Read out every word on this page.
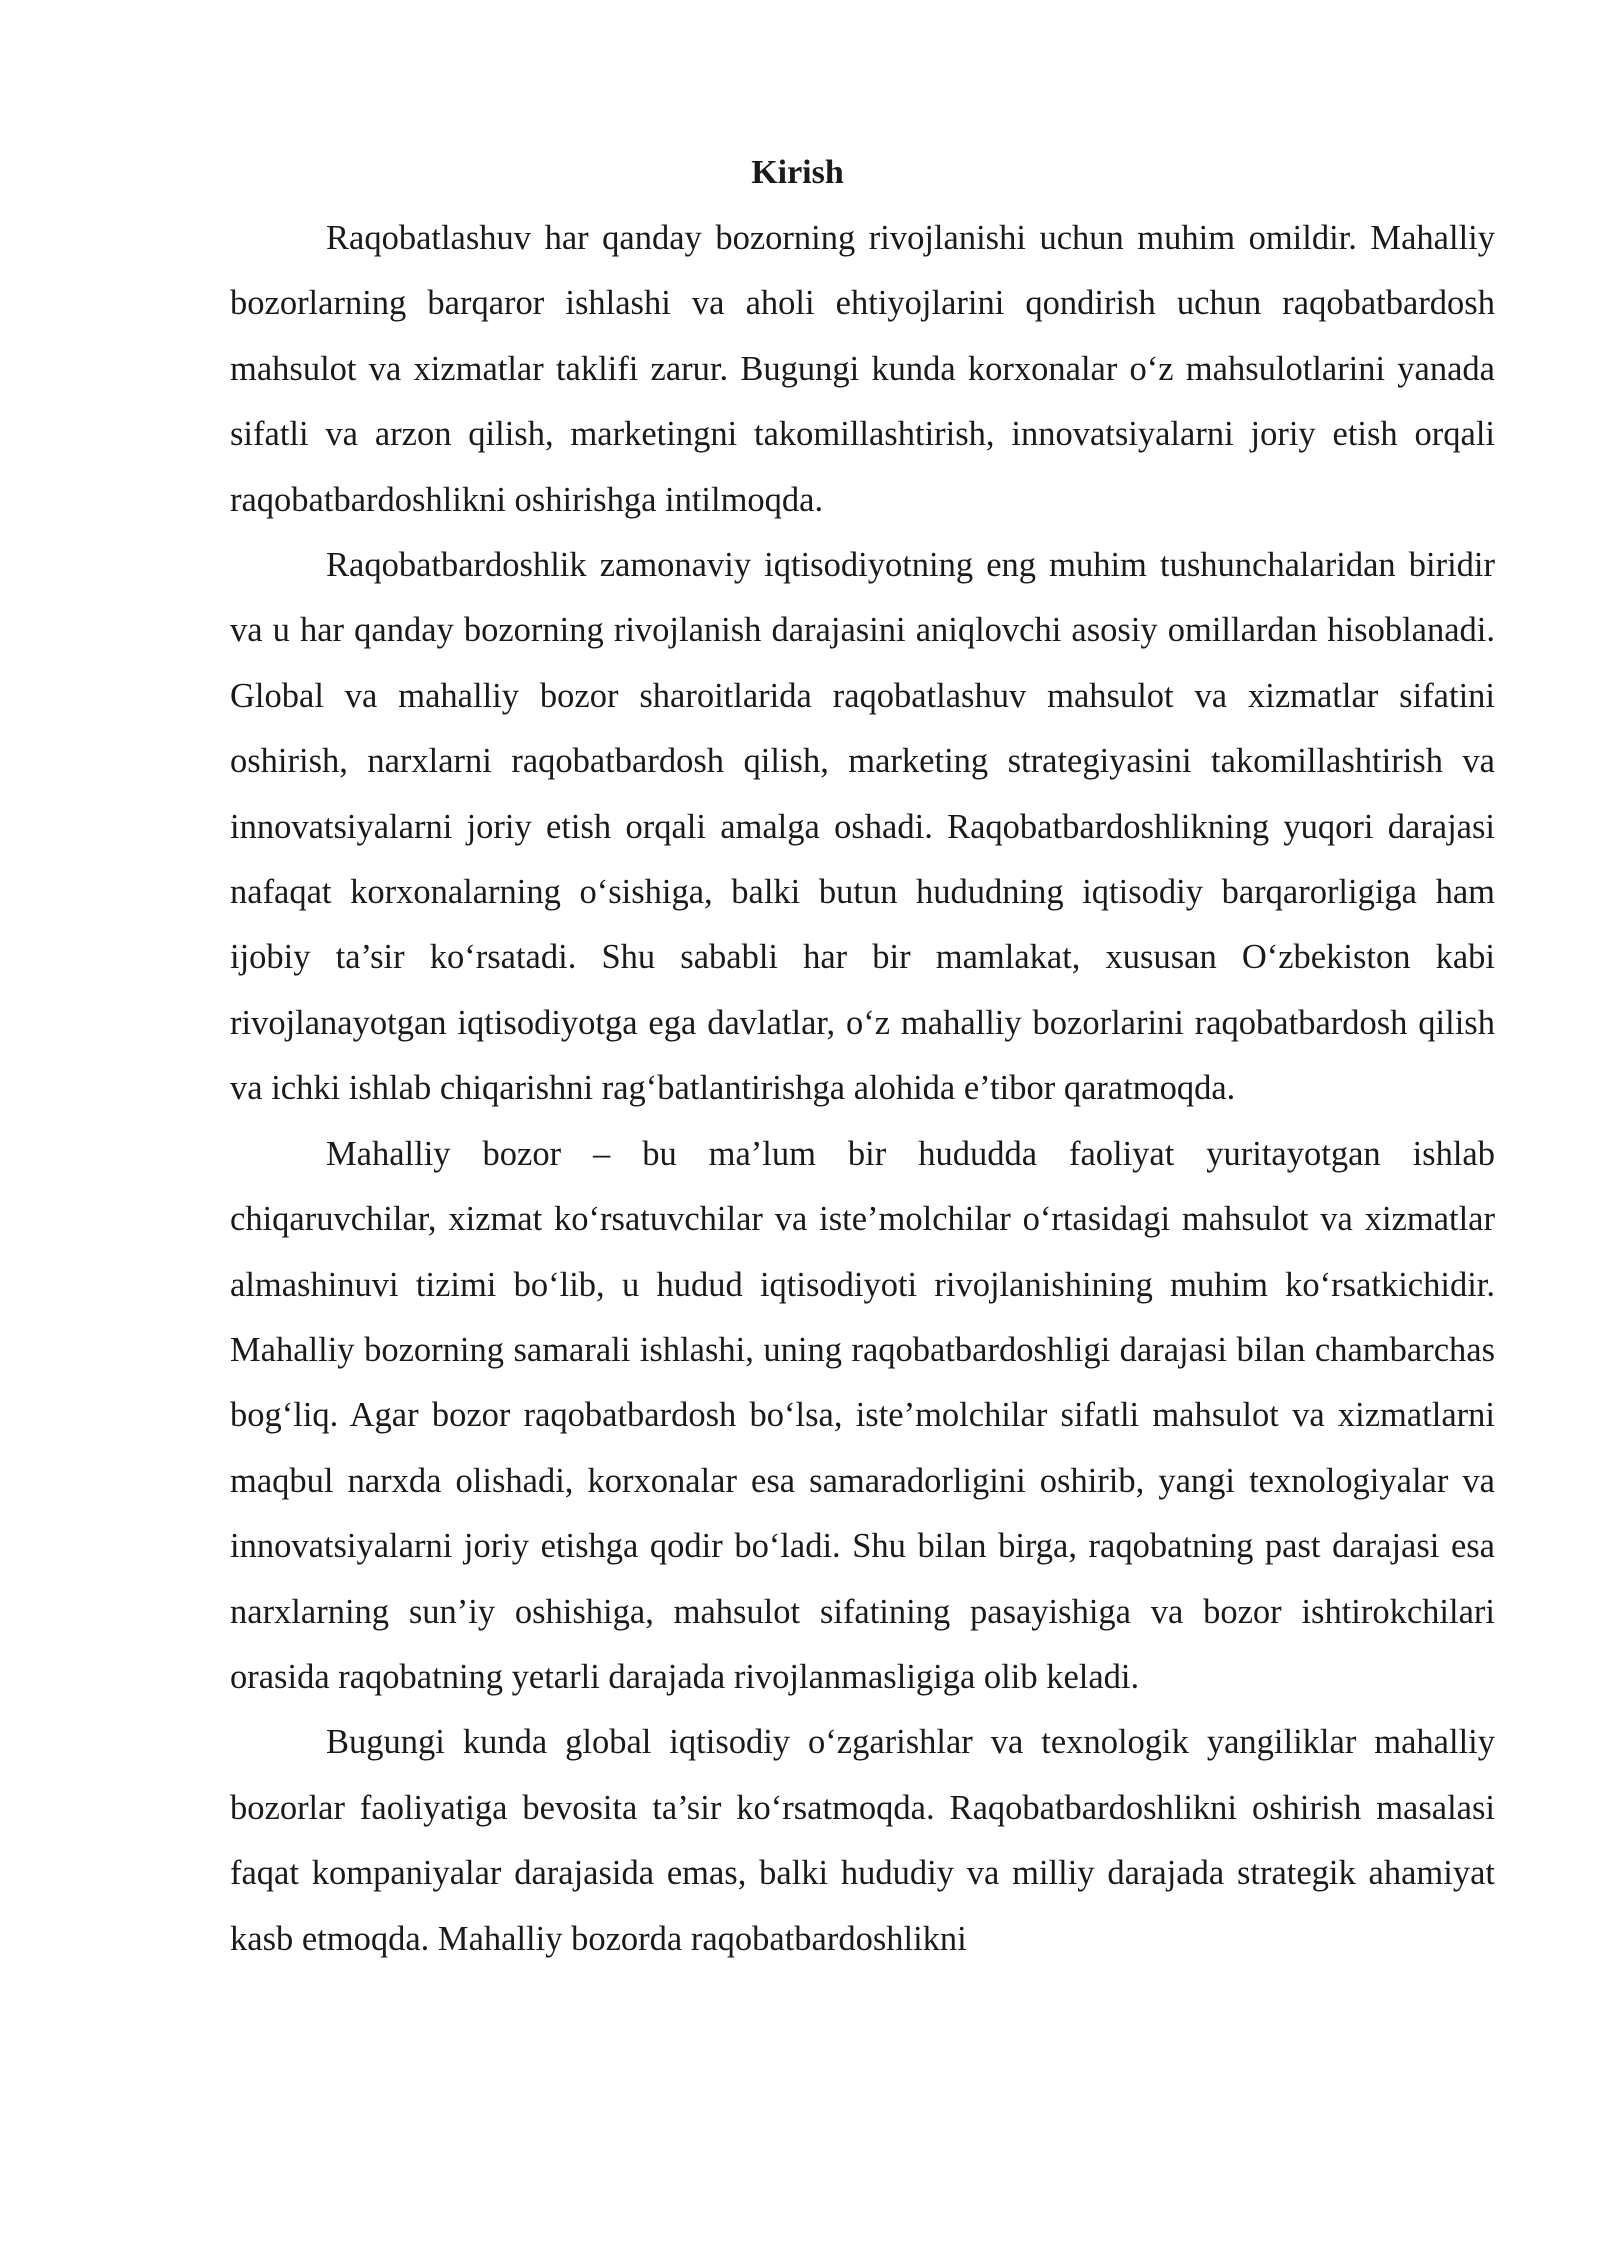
Kirish

Raqobatlashuv har qanday bozorning rivojlanishi uchun muhim omildir. Mahalliy bozorlarning barqaror ishlashi va aholi ehtiyojlarini qondirish uchun raqobatbardosh mahsulot va xizmatlar taklifi zarur. Bugungi kunda korxonalar o‘z mahsulotlarini yanada sifatli va arzon qilish, marketingni takomillashtirish, innovatsiyalarni joriy etish orqali raqobatbardoshlikni oshirishga intilmoqda.

Raqobatbardoshlik zamonaviy iqtisodiyotning eng muhim tushunchalaridan biridir va u har qanday bozorning rivojlanish darajasini aniqlovchi asosiy omillardan hisoblanadi. Global va mahalliy bozor sharoitlarida raqobatlashuv mahsulot va xizmatlar sifatini oshirish, narxlarni raqobatbardosh qilish, marketing strategiyasini takomillashtirish va innovatsiyalarni joriy etish orqali amalga oshadi. Raqobatbardoshlikning yuqori darajasi nafaqat korxonalarning o‘sishiga, balki butun hududning iqtisodiy barqarorligiga ham ijobiy ta’sir ko‘rsatadi. Shu sababli har bir mamlakat, xususan O‘zbekiston kabi rivojlanayotgan iqtisodiyotga ega davlatlar, o‘z mahalliy bozorlarini raqobatbardosh qilish va ichki ishlab chiqarishni rag‘batlantirishga alohida e’tibor qaratmoqda.

Mahalliy bozor – bu ma’lum bir hududda faoliyat yuritayotgan ishlab chiqaruvchilar, xizmat ko‘rsatuvchilar va iste’molchilar o‘rtasidagi mahsulot va xizmatlar almashinuvi tizimi bo‘lib, u hudud iqtisodiyoti rivojlanishining muhim ko‘rsatkichidir. Mahalliy bozorning samarali ishlashi, uning raqobatbardoshligi darajasi bilan chambarchas bog‘liq. Agar bozor raqobatbardosh bo‘lsa, iste’molchilar sifatli mahsulot va xizmatlarni maqbul narxda olishadi, korxonalar esa samaradorligini oshirib, yangi texnologiyalar va innovatsiyalarni joriy etishga qodir bo‘ladi. Shu bilan birga, raqobatning past darajasi esa narxlarning sun’iy oshishiga, mahsulot sifatining pasayishiga va bozor ishtirokchilari orasida raqobatning yetarli darajada rivojlanmasligiga olib keladi.

Bugungi kunda global iqtisodiy o‘zgarishlar va texnologik yangiliklar mahalliy bozorlar faoliyatiga bevosita ta’sir ko‘rsatmoqda. Raqobatbardoshlikni oshirish masalasi faqat kompaniyalar darajasida emas, balki hududiy va milliy darajada strategik ahamiyat kasb etmoqda. Mahalliy bozorda raqobatbardoshlikni
